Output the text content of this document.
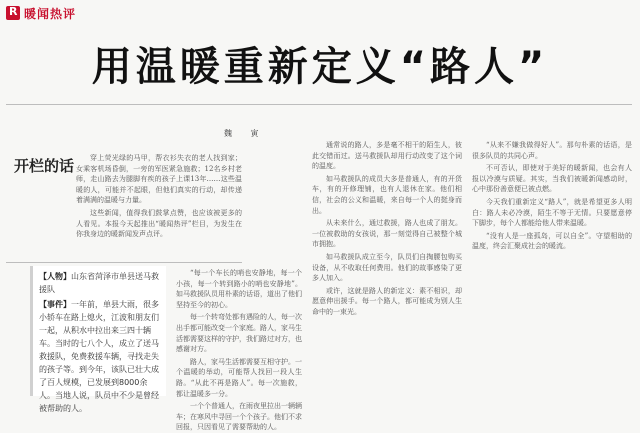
R
暖闻热评
用温暖重新定义“路人”
魏 寅
开栏的话	穿上荧光绿的马甲，帮衣衫失衣的老人找到家；女乘客机场昏倒，一旁的军医紧急施救；12名乡村老师，走山路去为腿脚有疾的孩子上课13年……这些温暖的人，可能并不起眼，但他们真实的行动，却传递着满满的温暖与力量。

这些新闻，值得我们鼓掌点赞，也应该被更多的人看见。本报今天起推出“暖闻热评”栏目，为发生在你我身边的暖新闻发声点评。

【人物】山东省菏泽市单县送马救援队

【事件】一年前，单县大雨，很多小轿车在路上熄火，江波和朋友们一起，从积水中拉出来三四十辆车。当时的七八个人，成立了送马救援队，免费救援车辆，寻找走失的孩子等。到今年，该队已壮大成了百人规模，已发展到8000余人。当地人说，队员中不少是曾经被帮助的人。

“每一个车长的哨也安静地，每一个小孩，每一个转到路小的哨也安静地”。如马救援队员用朴素的话语，道出了他们坚持至今的初心。

每一个转弯处都有遇险的人，每一次出手都可能改变一个家庭。路人，家马生活都需要这样的守护，我们路过对方，也感谢对方。

路人，家马生活都需要互相守护。一个温暖的举动，可能帮人找回一段人生路。“从此不再是路人”。每一次施救，都让温暖多一分。

一个个普通人，在雨夜里拉出一辆辆车；在寒风中寻回一个个孩子。他们不求回报，只因看见了需要帮助的人。

通常说的路人，多是毫不相干的陌生人，彼此交错而过。送马救援队却用行动改变了这个词的温度。

如马救援队的成员大多是普通人，有的开货车，有的开修理铺，也有人退休在家。他们相信，社会的公义和温暖，来自每一个人的挺身而出。

从未来什么，通过救援，路人也成了朋友。一位被救助的女孩说，那一刻觉得自己被整个城市拥抱。

如马救援队成立至今，队员们自掏腰包购买设备，从不收取任何费用。他们的故事感染了更多人加入。

或许，这就是路人的新定义：素不相识，却愿意伸出援手。每一个路人，都可能成为别人生命中的一束光。

“从来不嫌我做得好人”。那句朴素的话语，是很多队员的共同心声。

不可否认，即使对于美好的暖新闻，也会有人报以冷漠与质疑。其实，当我们被暖新闻感动时，心中那份善意便已被点燃。

今天我们重新定义“路人”，就是希望更多人明白：路人未必冷漠，陌生不等于无情。只要愿意停下脚步，每个人都能给他人带来温暖。

“没有人是一座孤岛，可以自全”。守望相助的温度，终会汇聚成社会的暖流。
